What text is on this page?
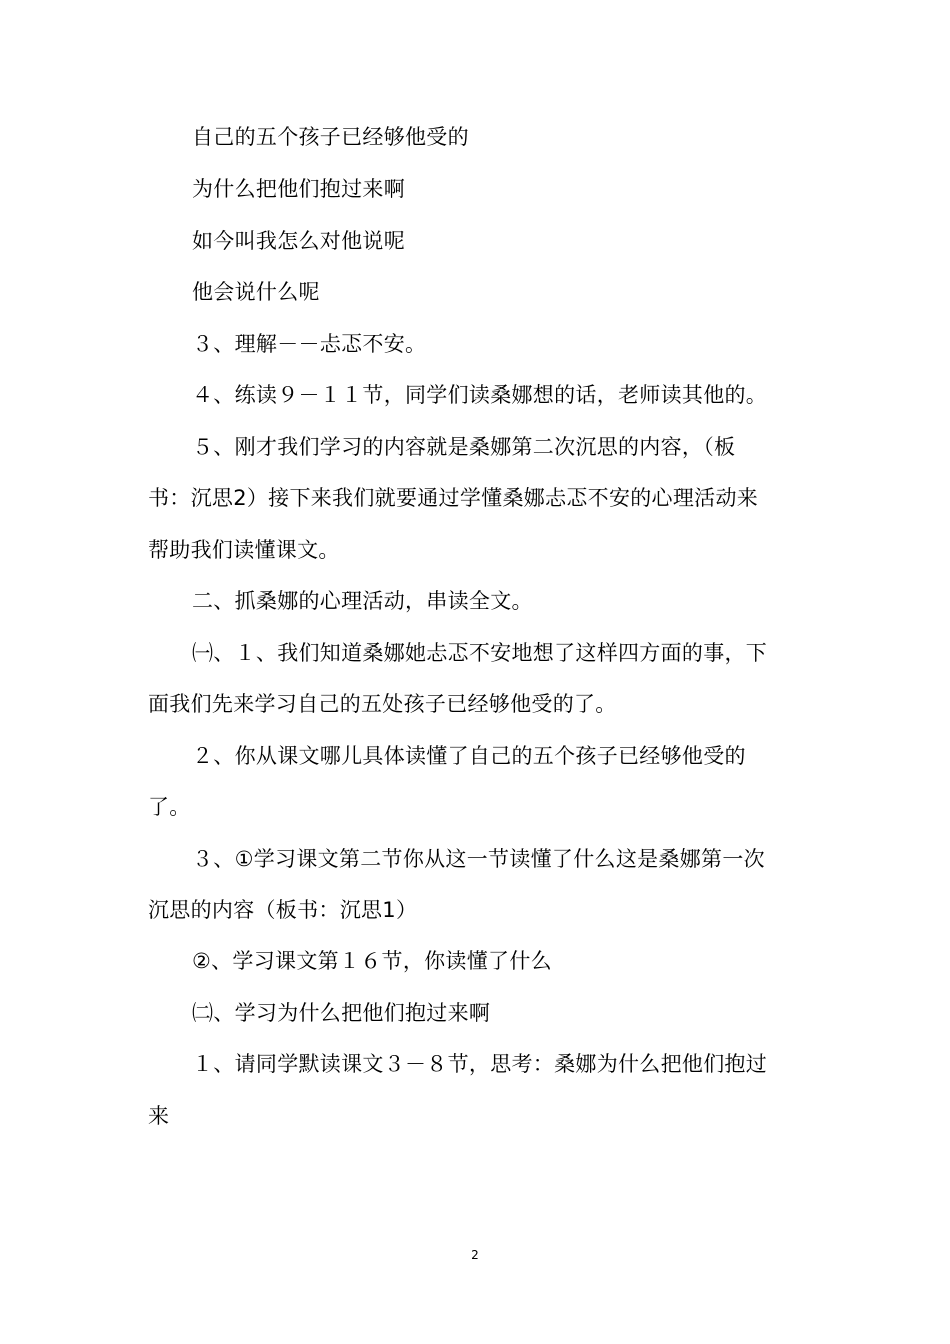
自己的五个孩子已经够他受的
为什么把他们抱过来啊
如今叫我怎么对他说呢
他会说什么呢
３、理解－－忐忑不安。
４、练读９－１１节，同学们读桑娜想的话，老师读其他的。
５、刚才我们学习的内容就是桑娜第二次沉思的内容，（板
书：沉思2）接下来我们就要通过学懂桑娜忐忑不安的心理活动来
帮助我们读懂课文。
二、抓桑娜的心理活动，串读全文。
㈠、１、我们知道桑娜她忐忑不安地想了这样四方面的事，下
面我们先来学习自己的五处孩子已经够他受的了。
２、你从课文哪儿具体读懂了自己的五个孩子已经够他受的
了。
３、①学习课文第二节你从这一节读懂了什么这是桑娜第一次
沉思的内容（板书：沉思1）
②、学习课文第１６节，你读懂了什么
㈡、学习为什么把他们抱过来啊
１、请同学默读课文３－８节，思考：桑娜为什么把他们抱过
来
2
